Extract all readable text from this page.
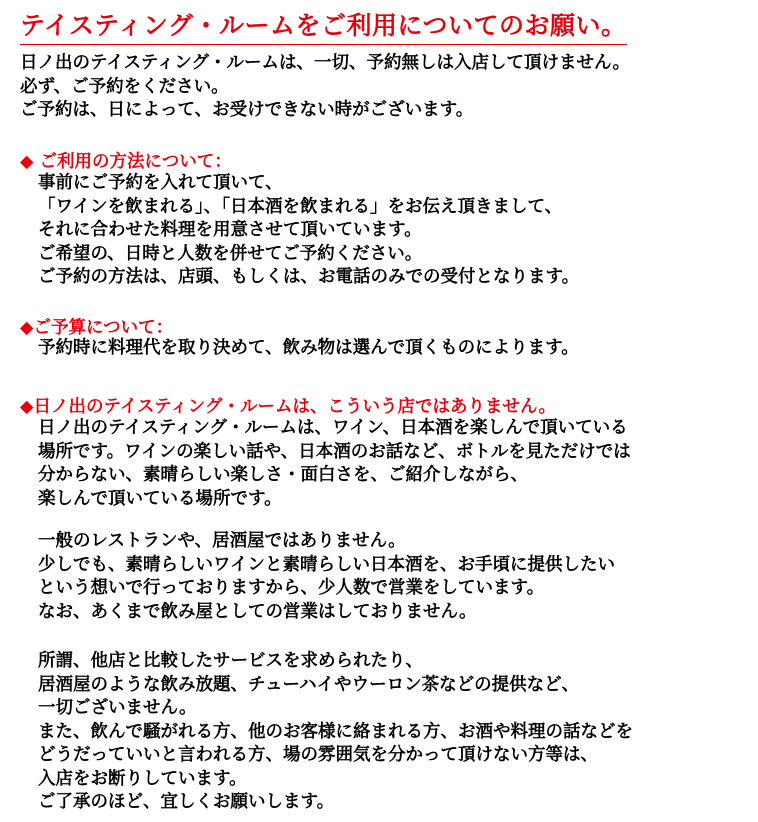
テイスティング・ルームをご利用についてのお願い。
日ノ出のテイスティング・ルームは、一切、予約無しは入店して頂けません。
必ず、ご予約をください。
ご予約は、日によって、お受けできない時がございます。
◆ ご利用の方法について：
事前にご予約を入れて頂いて、
「ワインを飲まれる」、「日本酒を飲まれる」をお伝え頂きまして、
それに合わせた料理を用意させて頂いています。
ご希望の、日時と人数を併せてご予約ください。
ご予約の方法は、店頭、もしくは、お電話のみでの受付となります。
◆ご予算について：
予約時に料理代を取り決めて、飲み物は選んで頂くものによります。
◆日ノ出のテイスティング・ルームは、こういう店ではありません。
日ノ出のテイスティング・ルームは、ワイン、日本酒を楽しんで頂いている
場所です。ワインの楽しい話や、日本酒のお話など、ボトルを見ただけでは
分からない、素晴らしい楽しさ・面白さを、ご紹介しながら、
楽しんで頂いている場所です。
一般のレストランや、居酒屋ではありません。
少しでも、素晴らしいワインと素晴らしい日本酒を、お手頃に提供したい
という想いで行っておりますから、少人数で営業をしています。
なお、あくまで飲み屋としての営業はしておりません。
所謂、他店と比較したサービスを求められたり、
居酒屋のような飲み放題、チューハイやウーロン茶などの提供など、
一切ございません。
また、飲んで騒がれる方、他のお客様に絡まれる方、お酒や料理の話などを
どうだっていいと言われる方、場の雰囲気を分かって頂けない方等は、
入店をお断りしています。
ご了承のほど、宜しくお願いします。
